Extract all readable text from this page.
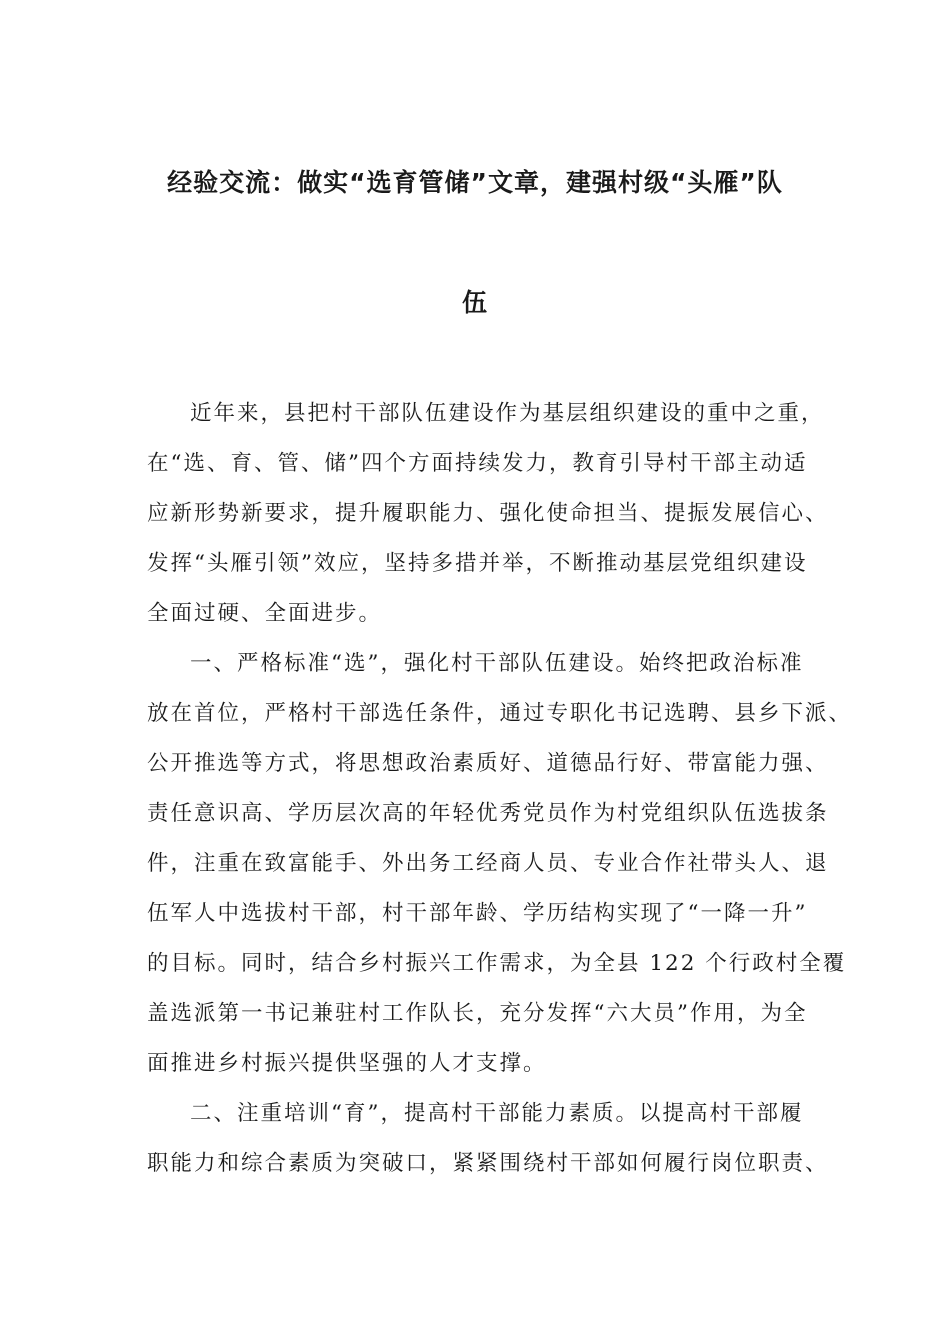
经验交流：做实“选育管储”文章，建强村级“头雁”队
伍
近年来，县把村干部队伍建设作为基层组织建设的重中之重，
在“选、育、管、储”四个方面持续发力，教育引导村干部主动适
应新形势新要求，提升履职能力、强化使命担当、提振发展信心、
发挥“头雁引领”效应，坚持多措并举，不断推动基层党组织建设
全面过硬、全面进步。
一、严格标准“选”，强化村干部队伍建设。始终把政治标准
放在首位，严格村干部选任条件，通过专职化书记选聘、县乡下派、
公开推选等方式，将思想政治素质好、道德品行好、带富能力强、
责任意识高、学历层次高的年轻优秀党员作为村党组织队伍选拔条
件，注重在致富能手、外出务工经商人员、专业合作社带头人、退
伍军人中选拔村干部，村干部年龄、学历结构实现了“一降一升”
的目标。同时，结合乡村振兴工作需求，为全县 122 个行政村全覆
盖选派第一书记兼驻村工作队长，充分发挥“六大员”作用，为全
面推进乡村振兴提供坚强的人才支撑。
二、注重培训“育”，提高村干部能力素质。以提高村干部履
职能力和综合素质为突破口，紧紧围绕村干部如何履行岗位职责、
